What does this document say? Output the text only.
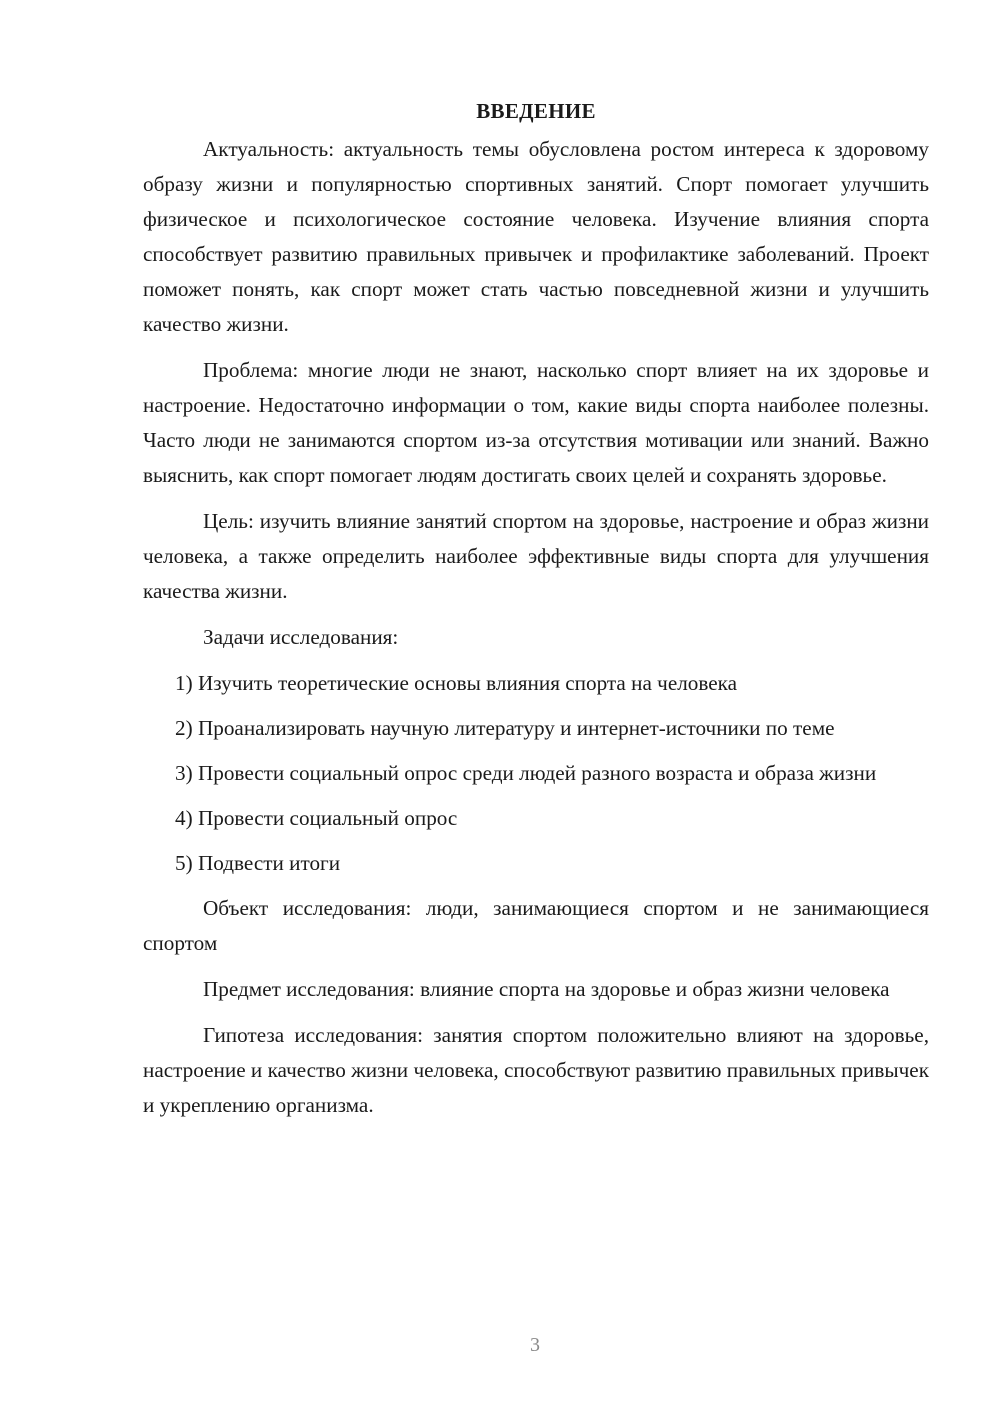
ВВЕДЕНИЕ

Актуальность: актуальность темы обусловлена ростом интереса к здоровому образу жизни и популярностью спортивных занятий. Спорт помогает улучшить физическое и психологическое состояние человека. Изучение влияния спорта способствует развитию правильных привычек и профилактике заболеваний. Проект поможет понять, как спорт может стать частью повседневной жизни и улучшить качество жизни.

Проблема: многие люди не знают, насколько спорт влияет на их здоровье и настроение. Недостаточно информации о том, какие виды спорта наиболее полезны. Часто люди не занимаются спортом из-за отсутствия мотивации или знаний. Важно выяснить, как спорт помогает людям достигать своих целей и сохранять здоровье.

Цель: изучить влияние занятий спортом на здоровье, настроение и образ жизни человека, а также определить наиболее эффективные виды спорта для улучшения качества жизни.

Задачи исследования:

1) Изучить теоретические основы влияния спорта на человека

2) Проанализировать научную литературу и интернет-источники по теме

3) Провести социальный опрос среди людей разного возраста и образа жизни

4) Провести социальный опрос

5) Подвести итоги

Объект исследования: люди, занимающиеся спортом и не занимающиеся спортом

Предмет исследования: влияние спорта на здоровье и образ жизни человека

Гипотеза исследования: занятия спортом положительно влияют на здоровье, настроение и качество жизни человека, способствуют развитию правильных привычек и укреплению организма.

3
